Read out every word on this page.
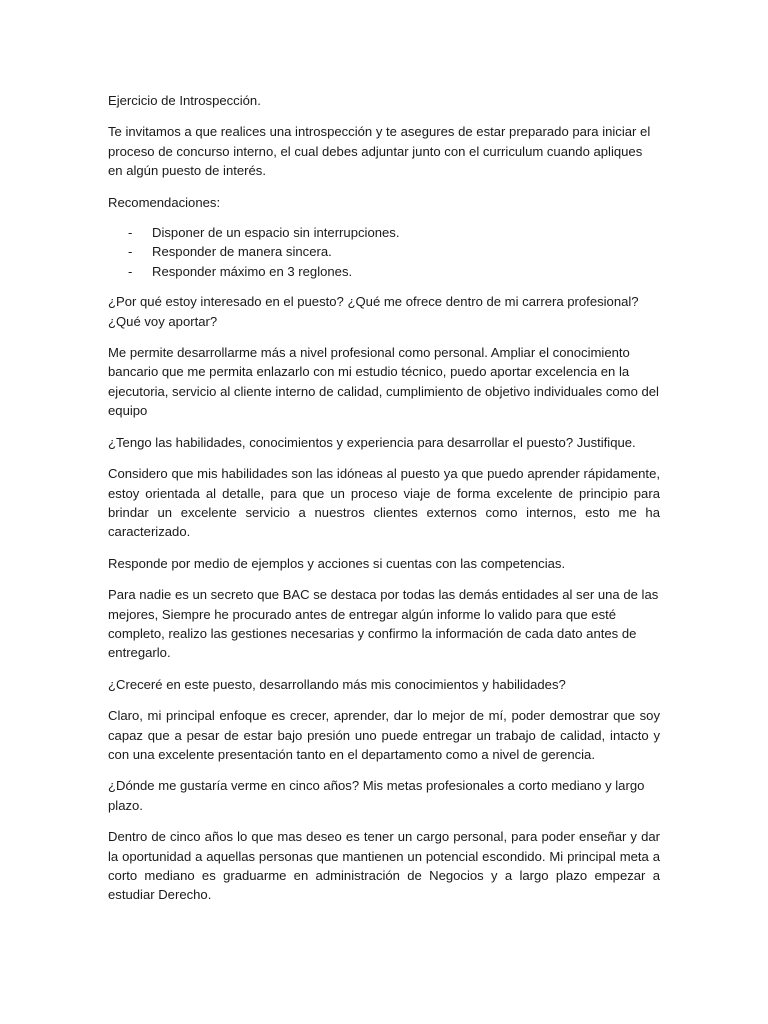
Ejercicio de Introspección.

Te invitamos a que realices una introspección y te asegures de estar preparado para iniciar el proceso de concurso interno, el cual debes adjuntar junto con el curriculum cuando apliques en algún puesto de interés.

Recomendaciones:

-	Disponer de un espacio sin interrupciones.
-	Responder de manera sincera.
-	Responder máximo en 3 reglones.

¿Por qué estoy interesado en el puesto? ¿Qué me ofrece dentro de mi carrera profesional? ¿Qué voy aportar?

Me permite desarrollarme más a nivel profesional como personal. Ampliar el conocimiento bancario que me permita enlazarlo con mi estudio técnico, puedo aportar excelencia en la ejecutoria, servicio al cliente interno de calidad, cumplimiento de objetivo individuales como del equipo

¿Tengo las habilidades, conocimientos y experiencia para desarrollar el puesto? Justifique.

Considero que mis habilidades son las idóneas al puesto ya que puedo aprender rápidamente, estoy orientada al detalle, para que un proceso viaje de forma excelente de principio para brindar un excelente servicio a nuestros clientes externos como internos, esto me ha caracterizado.

Responde por medio de ejemplos y acciones si cuentas con las competencias.

Para nadie es un secreto que BAC se destaca por todas las demás entidades al ser una de las mejores, Siempre he procurado antes de entregar algún informe lo valido para que esté completo, realizo las gestiones necesarias y confirmo la información de cada dato antes de entregarlo.

¿Creceré en este puesto, desarrollando más mis conocimientos y habilidades?

Claro, mi principal enfoque es crecer, aprender, dar lo mejor de mí, poder demostrar que soy capaz que a pesar de estar bajo presión uno puede entregar un trabajo de calidad, intacto y con una excelente presentación tanto en el departamento como a nivel de gerencia.

¿Dónde me gustaría verme en cinco años? Mis metas profesionales a corto mediano y largo plazo.

Dentro de cinco años lo que mas deseo es tener un cargo personal, para poder enseñar y dar la oportunidad a aquellas personas que mantienen un potencial escondido. Mi principal meta a corto mediano es graduarme en administración de Negocios y a largo plazo empezar a estudiar Derecho.
